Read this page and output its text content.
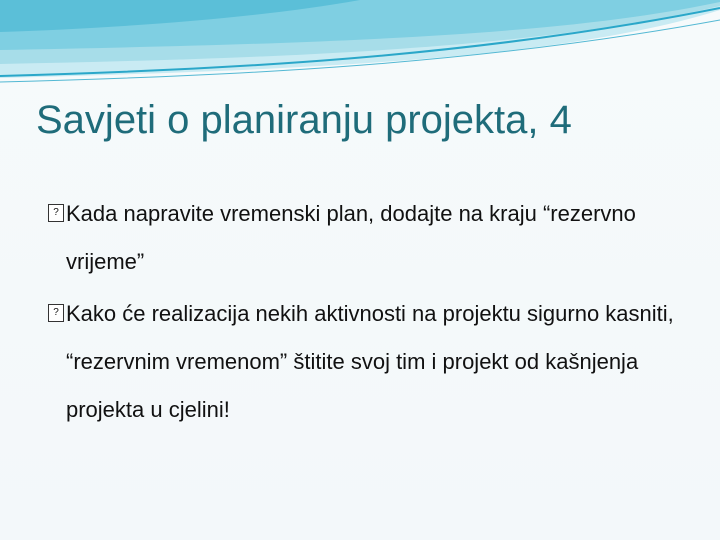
Savjeti o planiranju projekta, 4
? Kada napravite vremenski plan, dodajte na kraju “rezervno vrijeme”
? Kako će realizacija nekih aktivnosti na projektu sigurno kasniti, “rezervnim vremenom” štitite svoj tim i projekt od kašnjenja projekta u cjelini!
